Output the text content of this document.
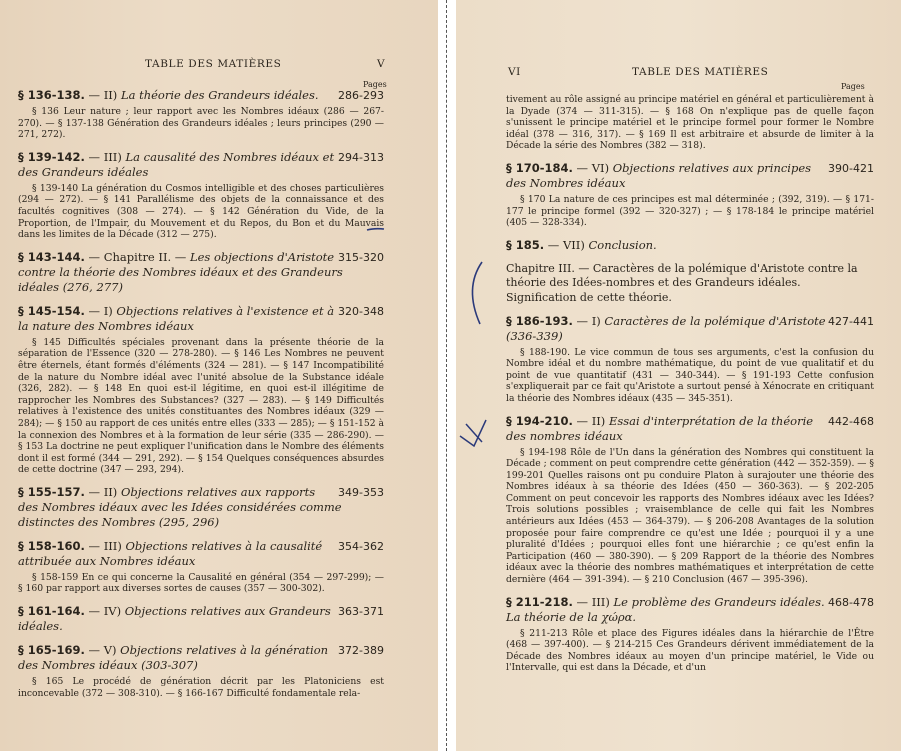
TABLE DES MATIÈRES	V
Pages

286-293
§ 136-138. — II) La théorie des Grandeurs idéales.

§ 136 Leur nature ; leur rapport avec les Nombres idéaux (286 — 267-270). — § 137-138 Génération des Grandeurs idéales ; leurs principes (290 — 271, 272).

294-313
§ 139-142. — III) La causalité des Nombres idéaux et des Grandeurs idéales

§ 139-140 La génération du Cosmos intelligible et des choses particulières (294 — 272). — § 141 Parallélisme des objets de la connaissance et des facultés cognitives (308 — 274). — § 142 Génération du Vide, de la Proportion, de l'Impair, du Mouvement et du Repos, du Bon et du Mauvais dans les limites de la Décade (312 — 275).

315-320
§ 143-144. — Chapitre II. — Les objections d'Aristote contre la théorie des Nombres idéaux et des Grandeurs idéales (276, 277)

320-348
§ 145-154. — I) Objections relatives à l'existence et à la nature des Nombres idéaux

§ 145 Difficultés spéciales provenant dans la présente théorie de la séparation de l'Essence (320 — 278-280). — § 146 Les Nombres ne peuvent être éternels, étant formés d'éléments (324 — 281). — § 147 Incompatibilité de la nature du Nombre idéal avec l'unité absolue de la Substance idéale (326, 282). — § 148 En quoi est-il légitime, en quoi est-il illégitime de rapprocher les Nombres des Substances? (327 — 283). — § 149 Difficultés relatives à l'existence des unités constituantes des Nombres idéaux (329 — 284); — § 150 au rapport de ces unités entre elles (333 — 285); — § 151-152 à la connexion des Nombres et à la formation de leur série (335 — 286-290). — § 153 La doctrine ne peut expliquer l'unification dans le Nombre des éléments dont il est formé (344 — 291, 292). — § 154 Quelques conséquences absurdes de cette doctrine (347 — 293, 294).

349-353
§ 155-157. — II) Objections relatives aux rapports des Nombres idéaux avec les Idées considérées comme distinctes des Nombres (295, 296)

354-362
§ 158-160. — III) Objections relatives à la causalité attribuée aux Nombres idéaux

§ 158-159 En ce qui concerne la Causalité en général (354 — 297-299); — § 160 par rapport aux diverses sortes de causes (357 — 300-302).

363-371
§ 161-164. — IV) Objections relatives aux Grandeurs idéales.

372-389
§ 165-169. — V) Objections relatives à la génération des Nombres idéaux (303-307)

§ 165 Le procédé de génération décrit par les Platoniciens est inconcevable (372 — 308-310). — § 166-167 Difficulté fondamentale rela-

VI	TABLE DES MATIÈRES
Pages

tivement au rôle assigné au principe matériel en général et particulièrement à la Dyade (374 — 311-315). — § 168 On n'explique pas de quelle façon s'unissent le principe matériel et le principe formel pour former le Nombre idéal (378 — 316, 317). — § 169 Il est arbitraire et absurde de limiter à la Décade la série des Nombres (382 — 318).

390-421
§ 170-184. — VI) Objections relatives aux principes des Nombres idéaux

§ 170 La nature de ces principes est mal déterminée ; (392, 319). — § 171-177 le principe formel (392 — 320-327) ; — § 178-184 le principe matériel (405 — 328-334).

§ 185. — VII) Conclusion.

Chapitre III. — Caractères de la polémique d'Aristote contre la théorie des Idées-nombres et des Grandeurs idéales. Signification de cette théorie.

427-441
§ 186-193. — I) Caractères de la polémique d'Aristote (336-339)

§ 188-190. Le vice commun de tous ses arguments, c'est la confusion du Nombre idéal et du nombre mathématique, du point de vue qualitatif et du point de vue quantitatif (431 — 340-344). — § 191-193 Cette confusion s'expliquerait par ce fait qu'Aristote a surtout pensé à Xénocrate en critiquant la théorie des Nombres idéaux (435 — 345-351).

442-468
§ 194-210. — II) Essai d'interprétation de la théorie des nombres idéaux

§ 194-198 Rôle de l'Un dans la génération des Nombres qui constituent la Décade ; comment on peut comprendre cette génération (442 — 352-359). — § 199-201 Quelles raisons ont pu conduire Platon à surajouter une théorie des Nombres idéaux à sa théorie des Idées (450 — 360-363). — § 202-205 Comment on peut concevoir les rapports des Nombres idéaux avec les Idées? Trois solutions possibles ; vraisemblance de celle qui fait les Nombres antérieurs aux Idées (453 — 364-379). — § 206-208 Avantages de la solution proposée pour faire comprendre ce qu'est une Idée ; pourquoi il y a une pluralité d'Idées ; pourquoi elles font une hiérarchie ; ce qu'est enfin la Participation (460 — 380-390). — § 209 Rapport de la théorie des Nombres idéaux avec la théorie des nombres mathématiques et interprétation de cette dernière (464 — 391-394). — § 210 Conclusion (467 — 395-396).

468-478
§ 211-218. — III) Le problème des Grandeurs idéales. La théorie de la χώρα.

§ 211-213 Rôle et place des Figures idéales dans la hiérarchie de l'Être (468 — 397-400). — § 214-215 Ces Grandeurs dérivent immédiatement de la Décade des Nombres idéaux au moyen d'un principe matériel, le Vide ou l'Intervalle, qui est dans la Décade, et d'un
